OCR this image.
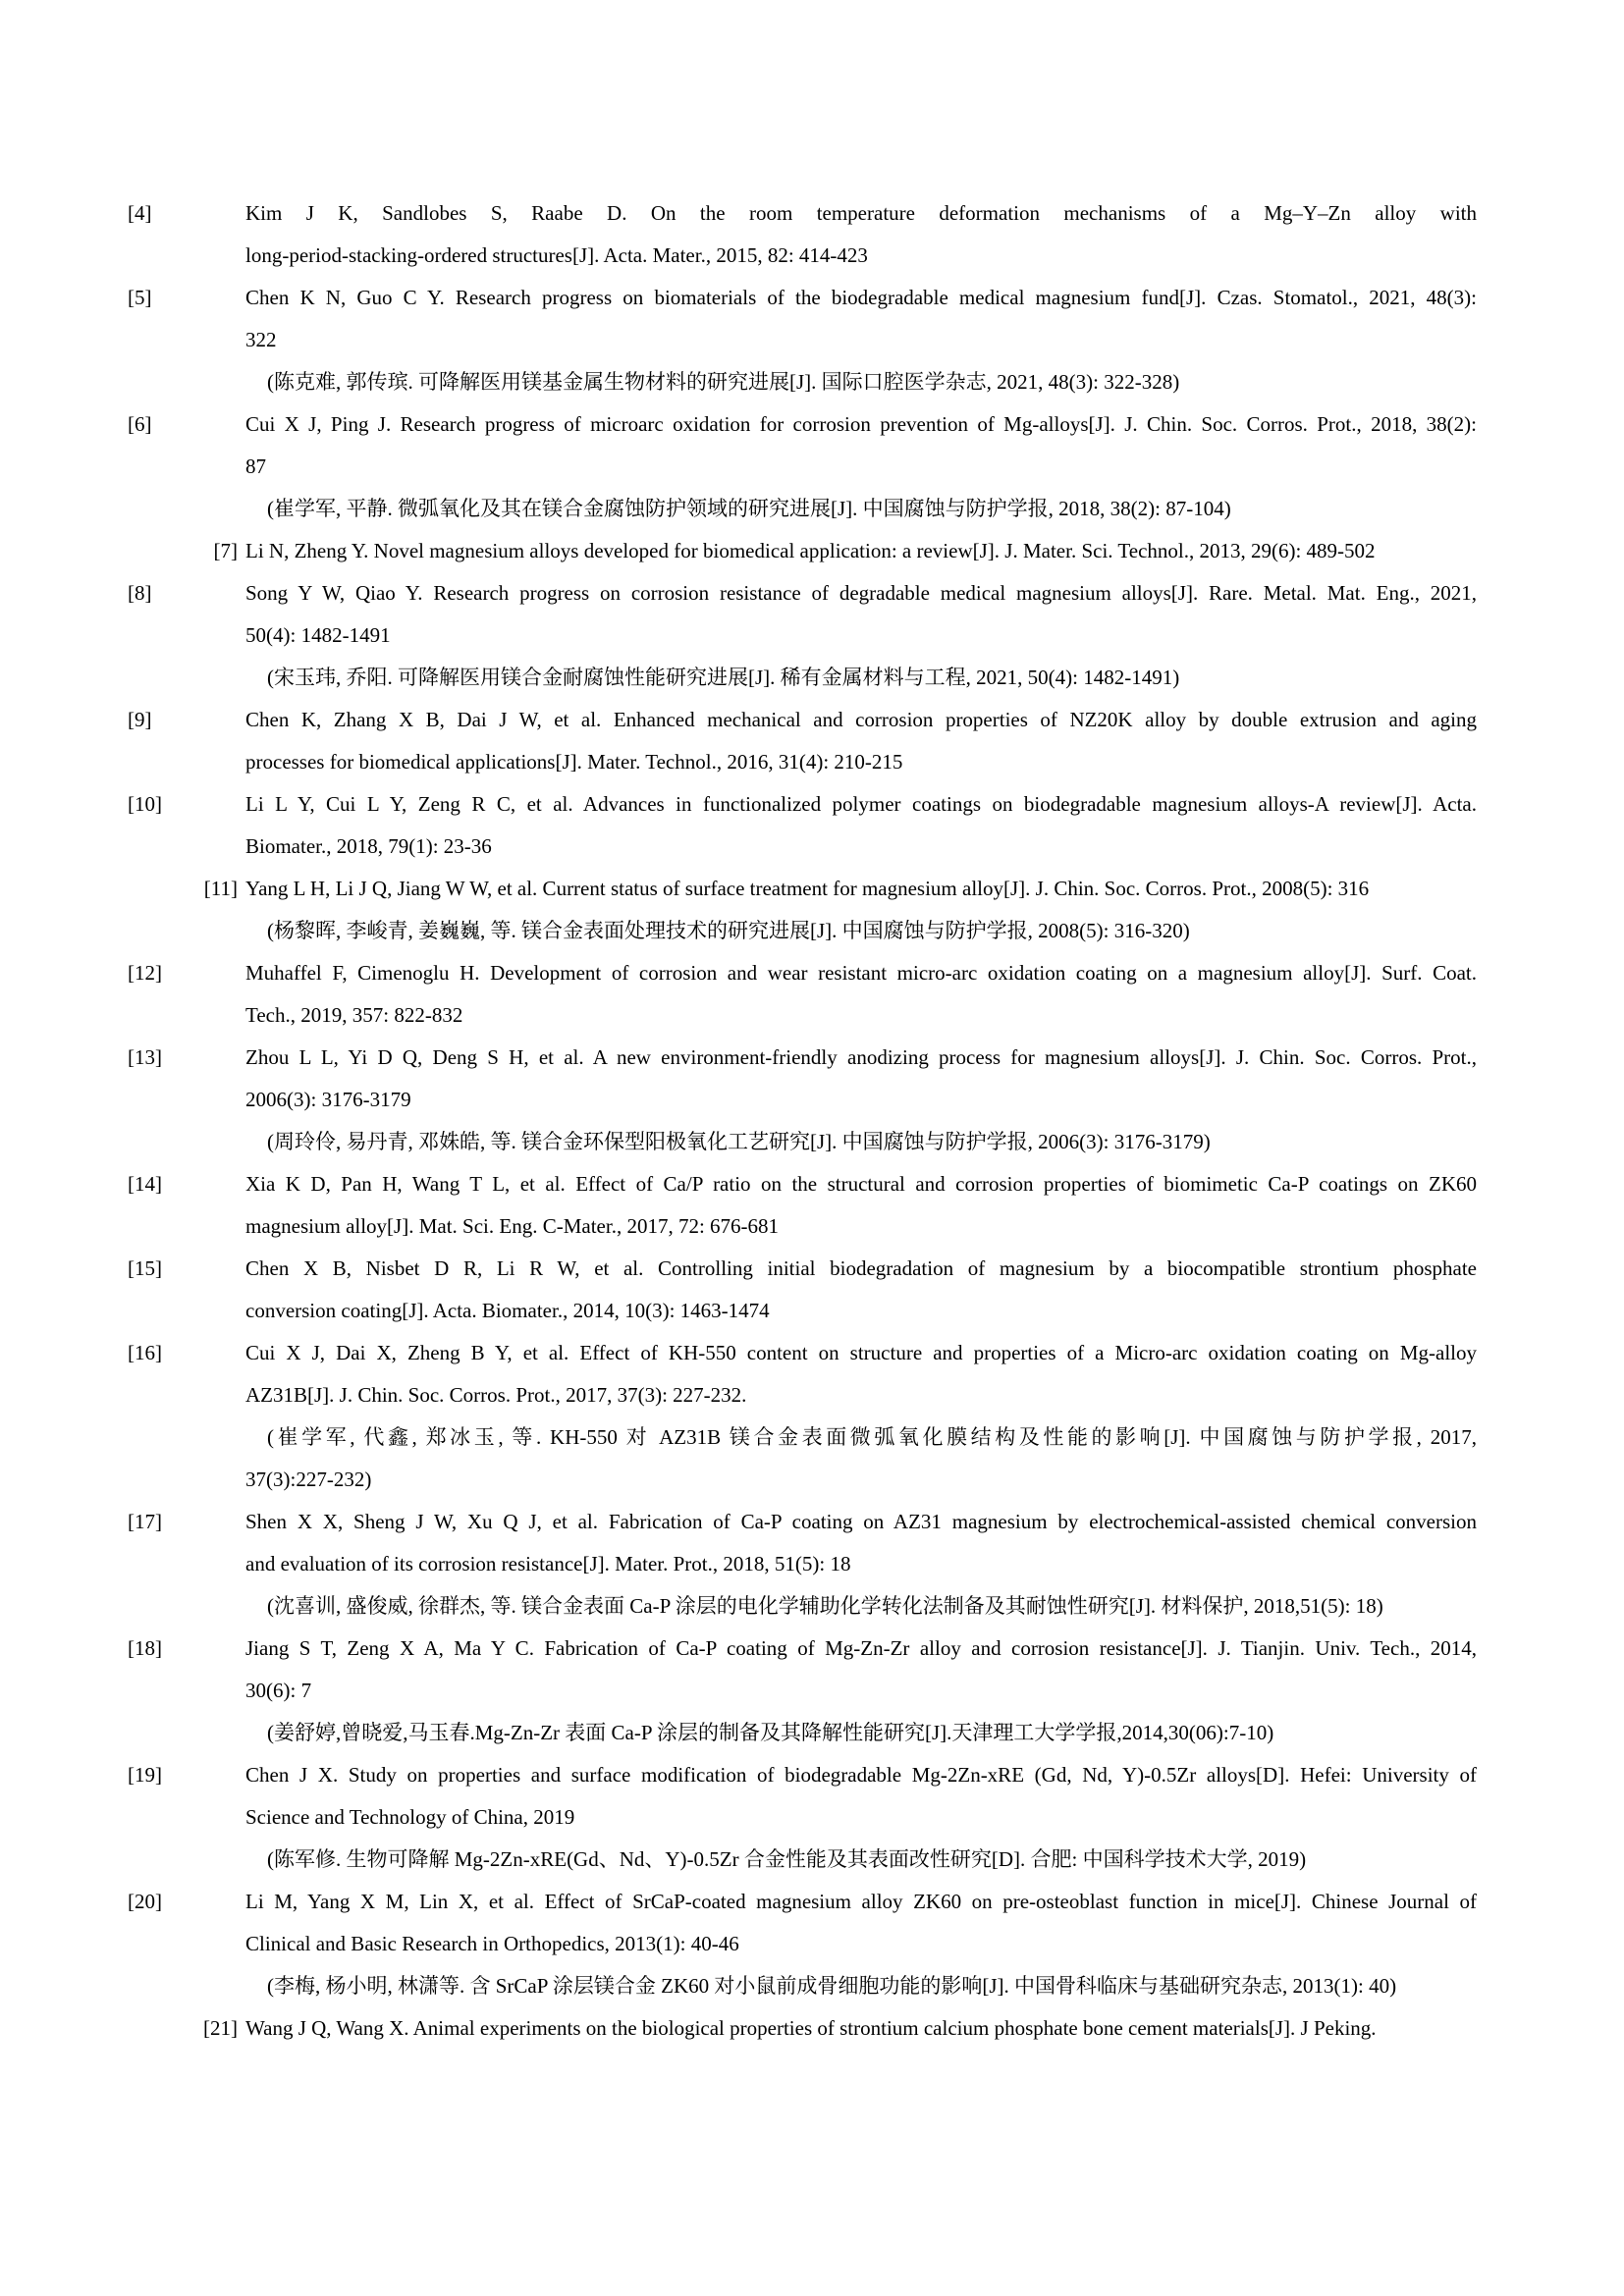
[4]	Kim J K, Sandlobes S, Raabe D. On the room temperature deformation mechanisms of a Mg–Y–Zn alloy with
long-period-stacking-ordered structures[J]. Acta. Mater., 2015, 82: 414-423
[5]	Chen K N, Guo C Y. Research progress on biomaterials of the biodegradable medical magnesium fund[J]. Czas. Stomatol., 2021, 48(3):
322
(陈克难, 郭传瑸. 可降解医用镁基金属生物材料的研究进展[J]. 国际口腔医学杂志, 2021, 48(3): 322-328)
[6]	Cui X J, Ping J. Research progress of microarc oxidation for corrosion prevention of Mg-alloys[J]. J. Chin. Soc. Corros. Prot., 2018, 38(2):
87
(崔学军, 平静. 微弧氧化及其在镁合金腐蚀防护领域的研究进展[J]. 中国腐蚀与防护学报, 2018, 38(2): 87-104)
[7] Li N, Zheng Y. Novel magnesium alloys developed for biomedical application: a review[J]. J. Mater. Sci. Technol., 2013, 29(6): 489-502
[8]	Song Y W, Qiao Y. Research progress on corrosion resistance of degradable medical magnesium alloys[J]. Rare. Metal. Mat. Eng., 2021,
50(4): 1482-1491
(宋玉玮, 乔阳. 可降解医用镁合金耐腐蚀性能研究进展[J]. 稀有金属材料与工程, 2021, 50(4): 1482-1491)
[9]	Chen K, Zhang X B, Dai J W, et al. Enhanced mechanical and corrosion properties of NZ20K alloy by double extrusion and aging
processes for biomedical applications[J]. Mater. Technol., 2016, 31(4): 210-215
[10]	Li L Y, Cui L Y, Zeng R C, et al. Advances in functionalized polymer coatings on biodegradable magnesium alloys-A review[J]. Acta.
Biomater., 2018, 79(1): 23-36
[11] Yang L H, Li J Q, Jiang W W, et al. Current status of surface treatment for magnesium alloy[J]. J. Chin. Soc. Corros. Prot., 2008(5): 316
(杨黎晖, 李峻青, 姜巍巍, 等. 镁合金表面处理技术的研究进展[J]. 中国腐蚀与防护学报, 2008(5): 316-320)
[12]	Muhaffel F, Cimenoglu H. Development of corrosion and wear resistant micro-arc oxidation coating on a magnesium alloy[J]. Surf. Coat.
Tech., 2019, 357: 822-832
[13]	Zhou L L, Yi D Q, Deng S H, et al. A new environment-friendly anodizing process for magnesium alloys[J]. J. Chin. Soc. Corros. Prot.,
2006(3): 3176-3179
(周玲伶, 易丹青, 邓姝皓, 等. 镁合金环保型阳极氧化工艺研究[J]. 中国腐蚀与防护学报, 2006(3): 3176-3179)
[14]	Xia K D, Pan H, Wang T L, et al. Effect of Ca/P ratio on the structural and corrosion properties of biomimetic Ca-P coatings on ZK60
magnesium alloy[J]. Mat. Sci. Eng. C-Mater., 2017, 72: 676-681
[15]	Chen X B, Nisbet D R, Li R W, et al. Controlling initial biodegradation of magnesium by a biocompatible strontium phosphate
conversion coating[J]. Acta. Biomater., 2014, 10(3): 1463-1474
[16]	Cui X J, Dai X, Zheng B Y, et al. Effect of KH-550 content on structure and properties of a Micro-arc oxidation coating on Mg-alloy
AZ31B[J]. J. Chin. Soc. Corros. Prot., 2017, 37(3): 227-232.
(崔学军, 代鑫, 郑冰玉, 等. KH-550 对 AZ31B 镁合金表面微弧氧化膜结构及性能的影响[J]. 中国腐蚀与防护学报, 2017,
37(3):227-232)
[17]	Shen X X, Sheng J W, Xu Q J, et al. Fabrication of Ca-P coating on AZ31 magnesium by electrochemical-assisted chemical conversion
and evaluation of its corrosion resistance[J]. Mater. Prot., 2018, 51(5): 18
(沈喜训, 盛俊威, 徐群杰, 等. 镁合金表面 Ca-P 涂层的电化学辅助化学转化法制备及其耐蚀性研究[J]. 材料保护, 2018,51(5): 18)
[18]	Jiang S T, Zeng X A, Ma Y C. Fabrication of Ca-P coating of Mg-Zn-Zr alloy and corrosion resistance[J]. J. Tianjin. Univ. Tech., 2014,
30(6): 7
(姜舒婷,曾晓爱,马玉春.Mg-Zn-Zr 表面 Ca-P 涂层的制备及其降解性能研究[J].天津理工大学学报,2014,30(06):7-10)
[19]	Chen J X. Study on properties and surface modification of biodegradable Mg-2Zn-xRE (Gd, Nd, Y)-0.5Zr alloys[D]. Hefei: University of
Science and Technology of China, 2019
(陈军修. 生物可降解 Mg-2Zn-xRE(Gd、Nd、Y)-0.5Zr 合金性能及其表面改性研究[D]. 合肥: 中国科学技术大学, 2019)
[20]	Li M, Yang X M, Lin X, et al. Effect of SrCaP-coated magnesium alloy ZK60 on pre-osteoblast function in mice[J]. Chinese Journal of
Clinical and Basic Research in Orthopedics, 2013(1): 40-46
(李梅, 杨小明, 林潇等. 含 SrCaP 涂层镁合金 ZK60 对小鼠前成骨细胞功能的影响[J]. 中国骨科临床与基础研究杂志, 2013(1): 40)
[21] Wang J Q, Wang X. Animal experiments on the biological properties of strontium calcium phosphate bone cement materials[J]. J Peking.
